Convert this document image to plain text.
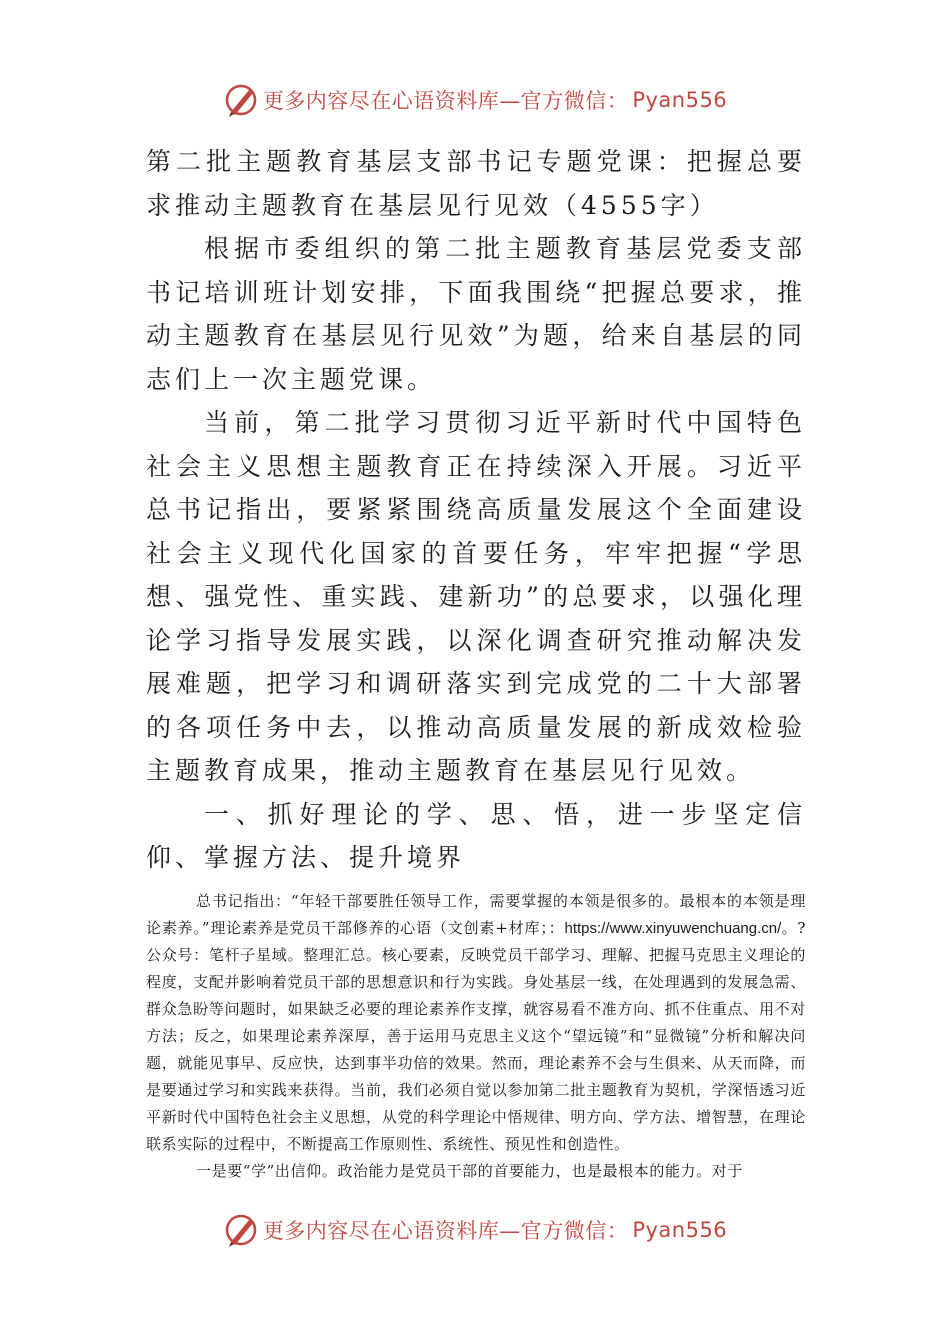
更多内容尽在心语资料库—官方微信： Pyan556

第二批主题教育基层支部书记专题党课：把握总要求推动主题教育在基层见行见效（4555字）

根据市委组织的第二批主题教育基层党委支部书记培训班计划安排，下面我围绕“把握总要求，推动主题教育在基层见行见效”为题，给来自基层的同志们上一次主题党课。

当前，第二批学习贯彻习近平新时代中国特色社会主义思想主题教育正在持续深入开展。习近平总书记指出，要紧紧围绕高质量发展这个全面建设社会主义现代化国家的首要任务，牢牢把握“学思想、强党性、重实践、建新功”的总要求，以强化理论学习指导发展实践，以深化调查研究推动解决发展难题，把学习和调研落实到完成党的二十大部署的各项任务中去，以推动高质量发展的新成效检验主题教育成果，推动主题教育在基层见行见效。

一、抓好理论的学、思、悟，进一步坚定信仰、掌握方法、提升境界

总书记指出：“年轻干部要胜任领导工作，需要掌握的本领是很多的。最根本的本领是理论素养。”理论素养是党员干部修养的心语（文创素+材库；：https://www.xinyuwenchuang.cn/。?公众号：笔杆子星域。整理汇总。核心要素，反映党员干部学习、理解、把握马克思主义理论的程度，支配并影响着党员干部的思想意识和行为实践。身处基层一线，在处理遇到的发展急需、群众急盼等问题时，如果缺乏必要的理论素养作支撑，就容易看不准方向、抓不住重点、用不对方法；反之，如果理论素养深厚，善于运用马克思主义这个“望远镜”和“显微镜”分析和解决问题，就能见事早、反应快，达到事半功倍的效果。然而，理论素养不会与生俱来、从天而降，而是要通过学习和实践来获得。当前，我们必须自觉以参加第二批主题教育为契机，学深悟透习近平新时代中国特色社会主义思想，从党的科学理论中悟规律、明方向、学方法、增智慧，在理论联系实际的过程中，不断提高工作原则性、系统性、预见性和创造性。

一是要“学”出信仰。政治能力是党员干部的首要能力，也是最根本的能力。对于

更多内容尽在心语资料库—官方微信： Pyan556
